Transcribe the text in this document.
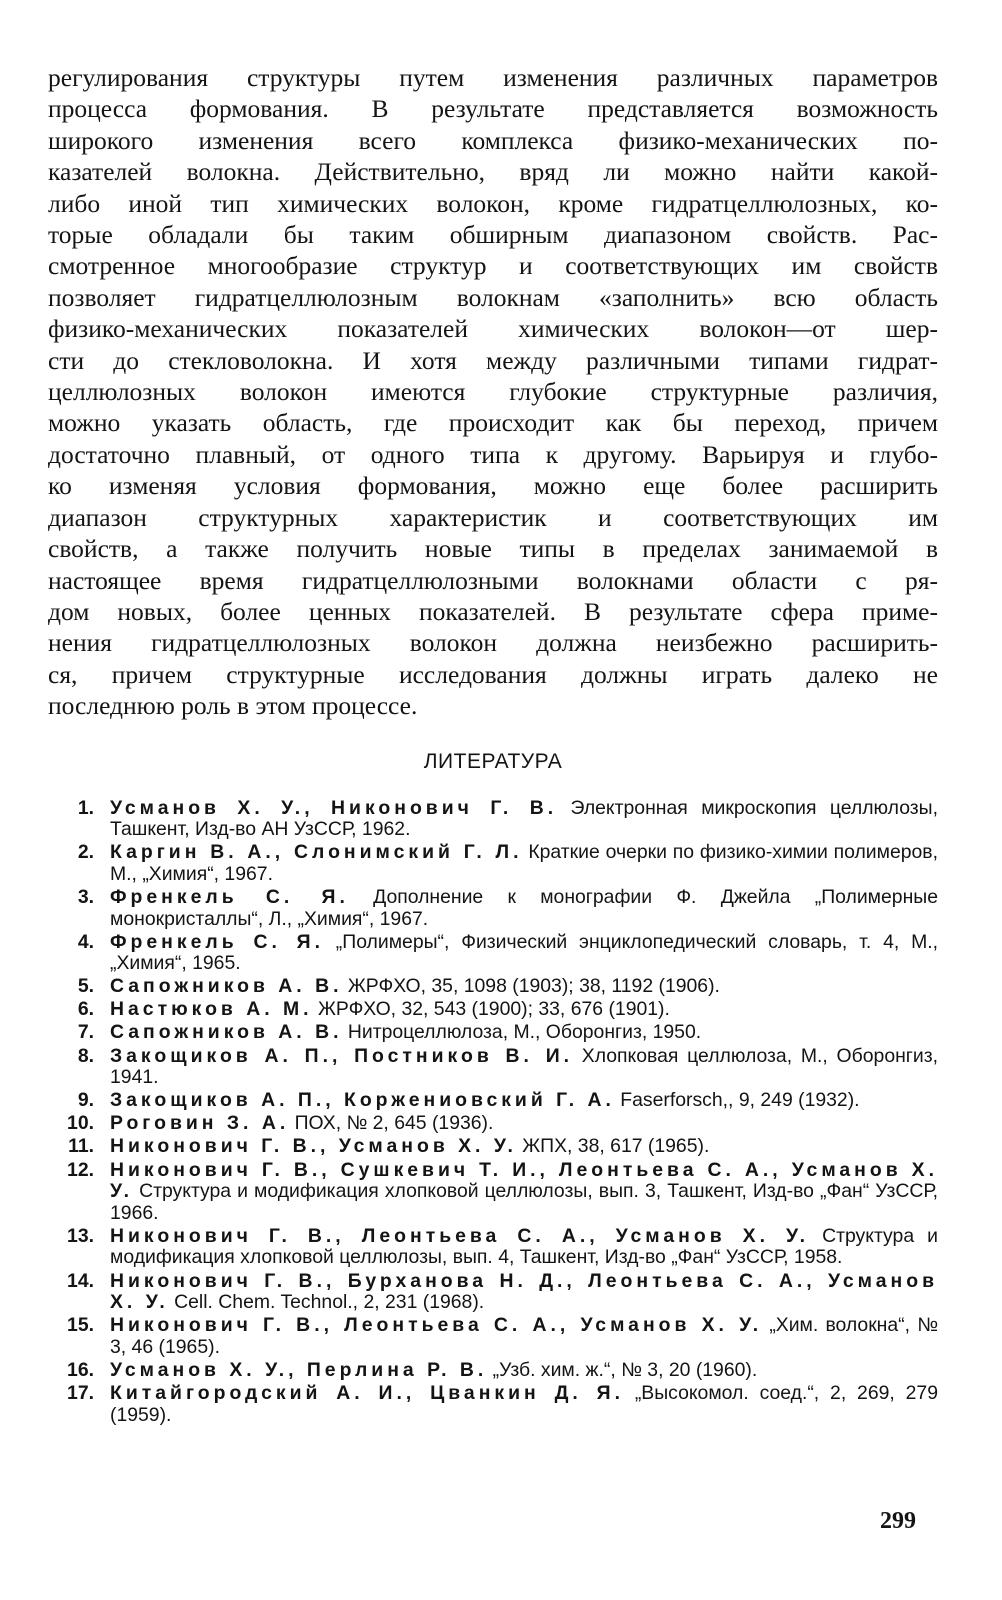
регулирования структуры путем изменения различных параметров
процесса формования. В результате представляется возможность
широкого изменения всего комплекса физико-механических по-
казателей волокна. Действительно, вряд ли можно найти какой-
либо иной тип химических волокон, кроме гидратцеллюлозных, ко-
торые обладали бы таким обширным диапазоном свойств. Рас-
смотренное многообразие структур и соответствующих им свойств
позволяет гидратцеллюлозным волокнам «заполнить» всю область
физико-механических показателей химических волокон—от шер-
сти до стекловолокна. И хотя между различными типами гидрат-
целлюлозных волокон имеются глубокие структурные различия,
можно указать область, где происходит как бы переход, причем
достаточно плавный, от одного типа к другому. Варьируя и глубо-
ко изменяя условия формования, можно еще более расширить
диапазон структурных характеристик и соответствующих им
свойств, а также получить новые типы в пределах занимаемой в
настоящее время гидратцеллюлозными волокнами области с ря-
дом новых, более ценных показателей. В результате сфера приме-
нения гидратцеллюлозных волокон должна неизбежно расширить-
ся, причем структурные исследования должны играть далеко не
последнюю роль в этом процессе.

ЛИТЕРАТУРА
1. Усманов Х. У., Никонович Г. В. Электронная микроскопия целлюлозы, Ташкент, Изд-во АН УзССР, 1962.
2. Каргин В. А., Слонимский Г. Л. Краткие очерки по физико-химии полимеров, М., „Химия“, 1967.
3. Френкель С. Я. Дополнение к монографии Ф. Джейла „Полимерные монокристаллы“, Л., „Химия“, 1967.
4. Френкель С. Я. „Полимеры“, Физический энциклопедический словарь, т. 4, М., „Химия“, 1965.
5. Сапожников А. В. ЖРФХО, 35, 1098 (1903); 38, 1192 (1906).
6. Настюков А. М. ЖРФХО, 32, 543 (1900); 33, 676 (1901).
7. Сапожников А. В. Нитроцеллюлоза, М., Оборонгиз, 1950.
8. Закощиков А. П., Постников В. И. Хлопковая целлюлоза, М., Оборонгиз, 1941.
9. Закощиков А. П., Коржениовский Г. А. Faserforsch,, 9, 249 (1932).
10. Роговин З. А. ПОХ, № 2, 645 (1936).
11. Никонович Г. В., Усманов Х. У. ЖПХ, 38, 617 (1965).
12. Никонович Г. В., Сушкевич Т. И., Леонтьева С. А., Усманов Х. У. Структура и модификация хлопковой целлюлозы, вып. 3, Ташкент, Изд-во „Фан“ УзССР, 1966.
13. Никонович Г. В., Леонтьева С. А., Усманов Х. У. Структура и модификация хлопковой целлюлозы, вып. 4, Ташкент, Изд-во „Фан“ УзССР, 1958.
14. Никонович Г. В., Бурханова Н. Д., Леонтьева С. А., Усманов Х. У. Cell. Chem. Technol., 2, 231 (1968).
15. Никонович Г. В., Леонтьева С. А., Усманов Х. У. „Хим. волокна“, № 3, 46 (1965).
16. Усманов Х. У., Перлина Р. В. „Узб. хим. ж.“, № 3, 20 (1960).
17. Китайгородский А. И., Цванкин Д. Я. „Высокомол. соед.“, 2, 269, 279 (1959).
299
